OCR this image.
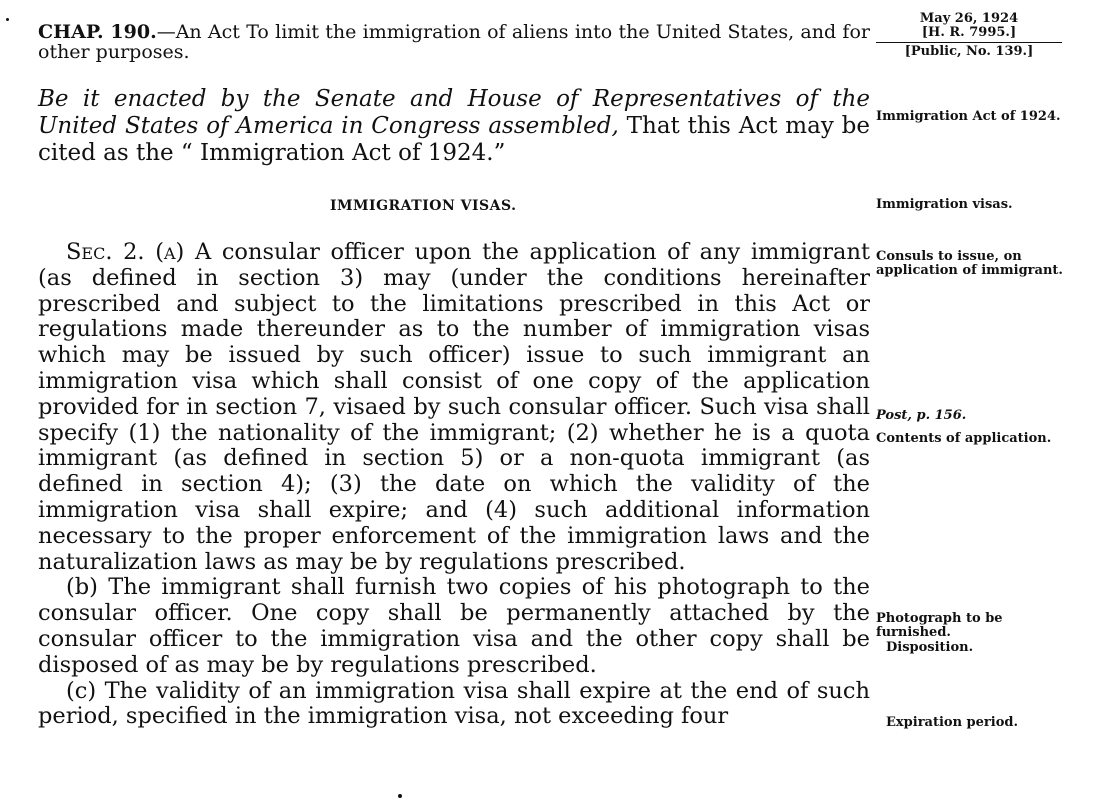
CHAP. 190.—An Act To limit the immigration of aliens into the United States, and for other purposes.
May 26, 1924
[H. R. 7995.]
[Public, No. 139.]
Be it enacted by the Senate and House of Representatives of the United States of America in Congress assembled, That this Act may be cited as the “ Immigration Act of 1924.”
Immigration Act of 1924.
IMMIGRATION VISAS.	Immigration visas.

Sec. 2. (a) A consular officer upon the application of any immigrant (as defined in section 3) may (under the conditions hereinafter prescribed and subject to the limitations prescribed in this Act or regulations made thereunder as to the number of immigration visas which may be issued by such officer) issue to such immigrant an immigration visa which shall consist of one copy of the application provided for in section 7, visaed by such consular officer. Such visa shall specify (1) the nationality of the immigrant; (2) whether he is a quota immigrant (as defined in section 5) or a non-quota immigrant (as defined in section 4); (3) the date on which the validity of the immigration visa shall expire; and (4) such additional information necessary to the proper enforcement of the immigration laws and the naturalization laws as may be by regulations prescribed.

(b) The immigrant shall furnish two copies of his photograph to the consular officer. One copy shall be permanently attached by the consular officer to the immigration visa and the other copy shall be disposed of as may be by regulations prescribed.

(c) The validity of an immigration visa shall expire at the end of such period, specified in the immigration visa, not exceeding four

Consuls to issue, on application of immigrant.
Post, p. 156.
Contents of application.
Photograph to be furnished.
Disposition.
Expiration period.
